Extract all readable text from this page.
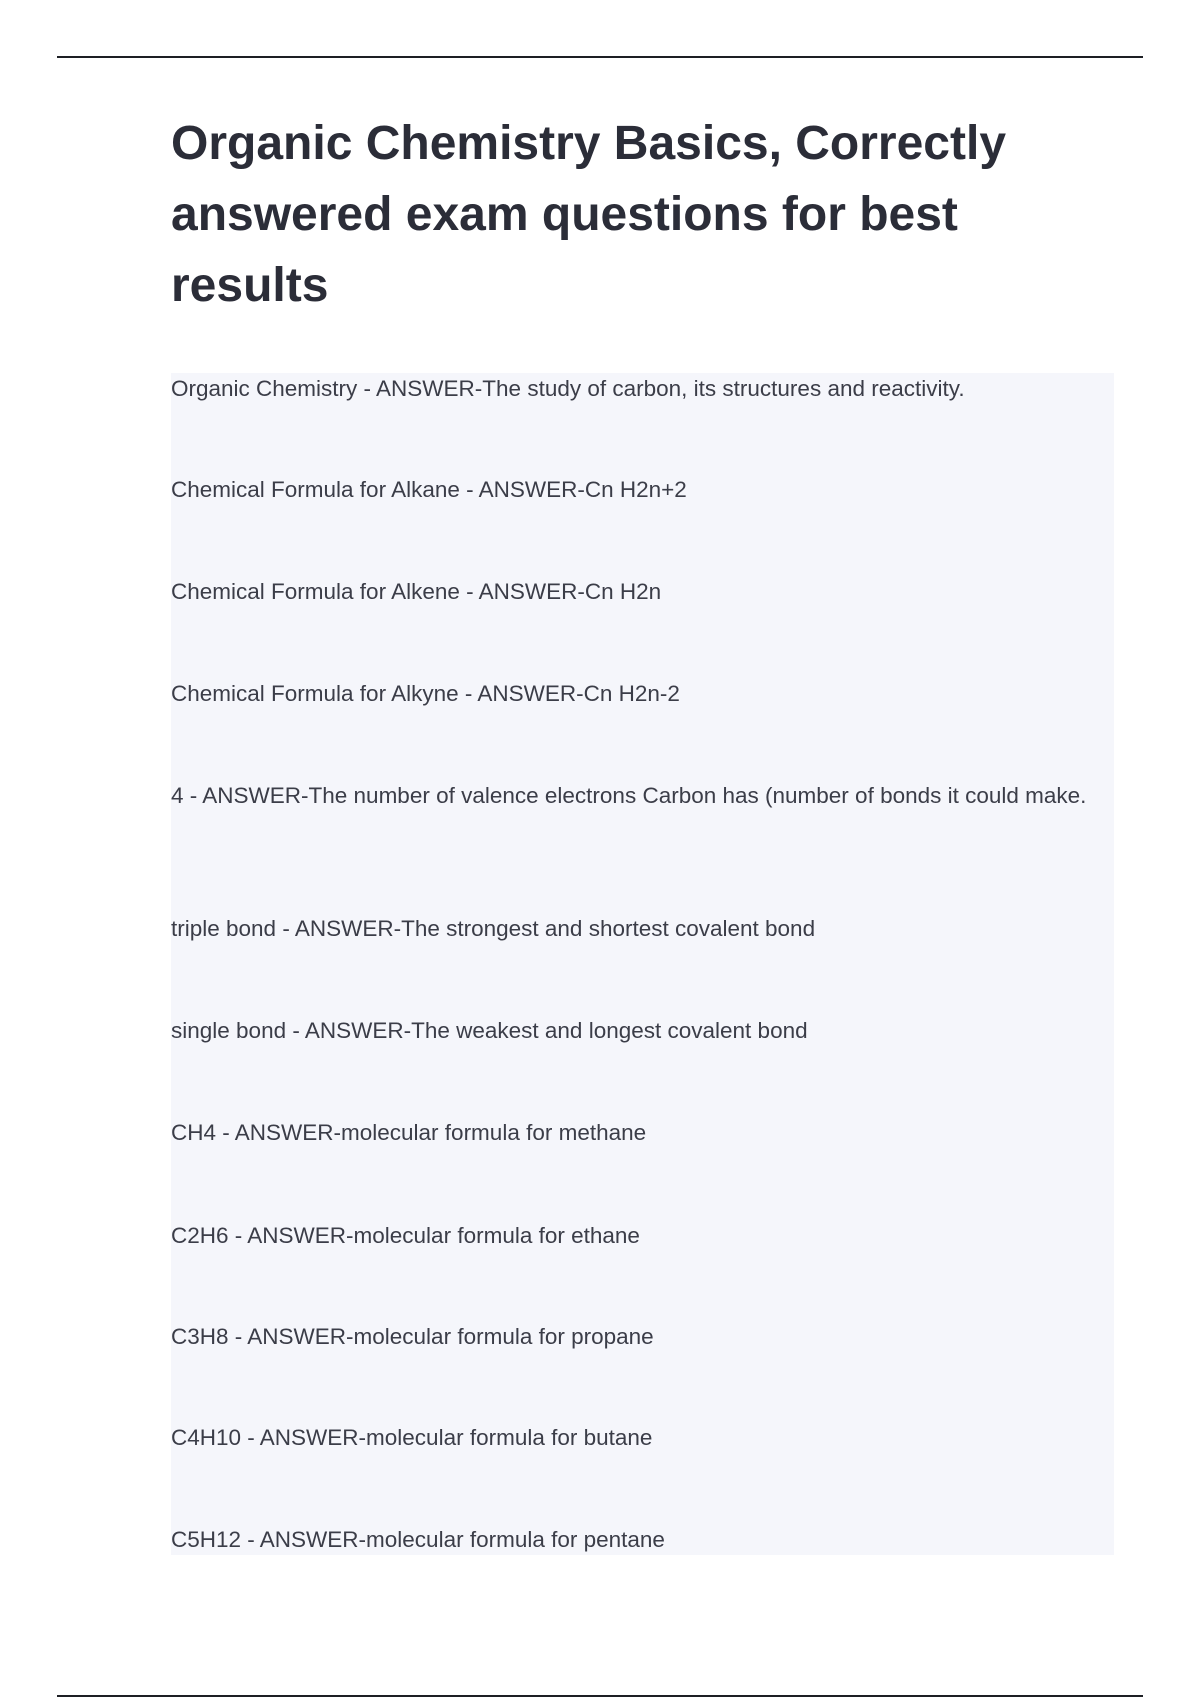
Organic Chemistry Basics, Correctly answered exam questions for best results

Organic Chemistry - ANSWER-The study of carbon, its structures and reactivity.

Chemical Formula for Alkane - ANSWER-Cn H2n+2

Chemical Formula for Alkene - ANSWER-Cn H2n

Chemical Formula for Alkyne - ANSWER-Cn H2n-2

4 - ANSWER-The number of valence electrons Carbon has (number of bonds it could make.

triple bond - ANSWER-The strongest and shortest covalent bond

single bond - ANSWER-The weakest and longest covalent bond

CH4 - ANSWER-molecular formula for methane

C2H6 - ANSWER-molecular formula for ethane

C3H8 - ANSWER-molecular formula for propane

C4H10 - ANSWER-molecular formula for butane

C5H12 - ANSWER-molecular formula for pentane
